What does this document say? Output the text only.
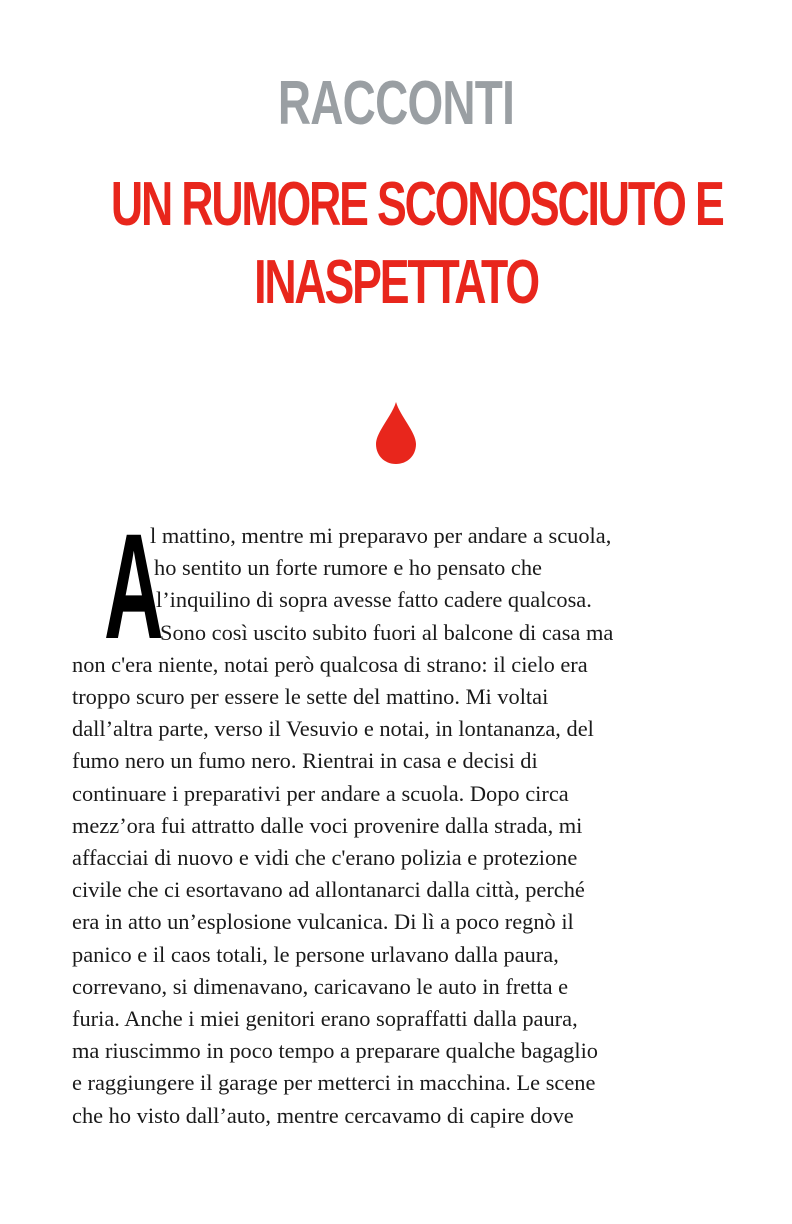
RACCONTI
UN RUMORE SCONOSCIUTO E
INASPETTATO
A
l mattino, mentre mi preparavo per andare a scuola,
ho sentito un forte rumore e ho pensato che
l’inquilino di sopra avesse fatto cadere qualcosa.
Sono così uscito subito fuori al balcone di casa ma
non c'era niente, notai però qualcosa di strano: il cielo era
troppo scuro per essere le sette del mattino. Mi voltai
dall’altra parte, verso il Vesuvio e notai, in lontananza, del
fumo nero un fumo nero. Rientrai in casa e decisi di
continuare i preparativi per andare a scuola. Dopo circa
mezz’ora fui attratto dalle voci provenire dalla strada, mi
affacciai di nuovo e vidi che c'erano polizia e protezione
civile che ci esortavano ad allontanarci dalla città, perché
era in atto un’esplosione vulcanica. Di lì a poco regnò il
panico e il caos totali, le persone urlavano dalla paura,
correvano, si dimenavano, caricavano le auto in fretta e
furia. Anche i miei genitori erano sopraffatti dalla paura,
ma riuscimmo in poco tempo a preparare qualche bagaglio
e raggiungere il garage per metterci in macchina. Le scene
che ho visto dall’auto, mentre cercavamo di capire dove
